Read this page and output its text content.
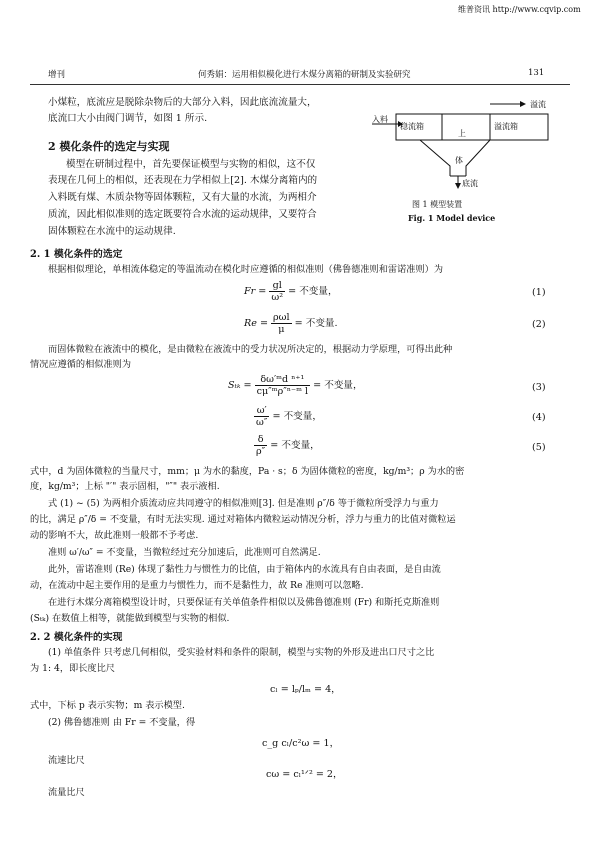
维普资讯 http://www.cqvip.com
增刊	何秀娟：运用相似模化进行木煤分离箱的研制及实验研究	131
小煤粒，底流应是脱除杂物后的大部分入料，因此底流流量大，
底流口大小由阀门调节，如图 1 所示.
2 模化条件的选定与实现
模型在研制过程中，首先要保证模型与实物的相似，这不仅
表现在几何上的相似，还表现在力学相似上[2]. 木煤分离箱内的
入料既有煤、木质杂物等固体颗粒，又有大量的水流，为两相介
质流，因此相似准则的选定既要符合水流的运动规律，又要符合
固体颗粒在水流中的运动规律.
溢流
入料
稳流箱
上
溢流箱
体
底流
图 1 模型装置
Fig. 1 Model device
2. 1 模化条件的选定
根据相似理论，单相流体稳定的等温流动在模化时应遵循的相似准则（佛鲁德准则和雷诺准则）为
$Fr = \frac{gl}{\text{ω²}}$ = 不变量，	(1)
$Re = \frac{\text{ρωl}}{\mu}$ = 不变量.	(2)
而固体微粒在液流中的模化，是由微粒在液流中的受力状况所决定的，根据动力学原理，可得出此种
情况应遵循的相似准则为
$S_{tk} = \frac{\text{δω′ᵐd ⁿ⁺¹}}{\text{cμ″ᵐρ″ⁿ⁻ᵐ l}}$ = 不变量，	(3)
$\frac{\omega'}{\omega''}$ = 不变量，	(4)
$\frac{\delta}{\rho''}$ = 不变量，	(5)
式中，d 为固体微粒的当量尺寸，mm；μ 为水的黏度，Pa · s；δ 为固体微粒的密度，kg/m³；ρ 为水的密
度，kg/m³；上标 "′" 表示固相，"″" 表示液相.
式 (1) ~ (5) 为两相介质流动应共同遵守的相似准则[3]. 但是准则 ρ″/δ 等于微粒所受浮力与重力
的比，满足 ρ″/δ = 不变量，有时无法实现. 通过对箱体内微粒运动情况分析，浮力与重力的比值对微粒运
动的影响不大，故此准则一般都不予考虑.
准则 ω′/ω″ = 不变量，当微粒经过充分加速后，此准则可自然满足.
此外，雷诺准则 (Re) 体现了黏性力与惯性力的比值，由于箱体内的水流具有自由表面，是自由流
动，在流动中起主要作用的是重力与惯性力，而不是黏性力，故 Re 准则可以忽略.
在进行木煤分离箱模型设计时，只要保证有关单值条件相似以及佛鲁德准则 (Fr) 和斯托克斯准则
(Sₜₖ) 在数值上相等，就能做到模型与实物的相似.
2. 2 模化条件的实现
(1) 单值条件 只考虑几何相似，受实验材料和条件的限制，模型与实物的外形及进出口尺寸之比
为 1: 4，即长度比尺
cₗ = lₚ/lₘ = 4，
式中，下标 p 表示实物；m 表示模型.
(2) 佛鲁德准则 由 Fr = 不变量，得
c_g cₗ/c²ω = 1，
流速比尺
cω = cₗ¹ᐟ² = 2，
流量比尺
